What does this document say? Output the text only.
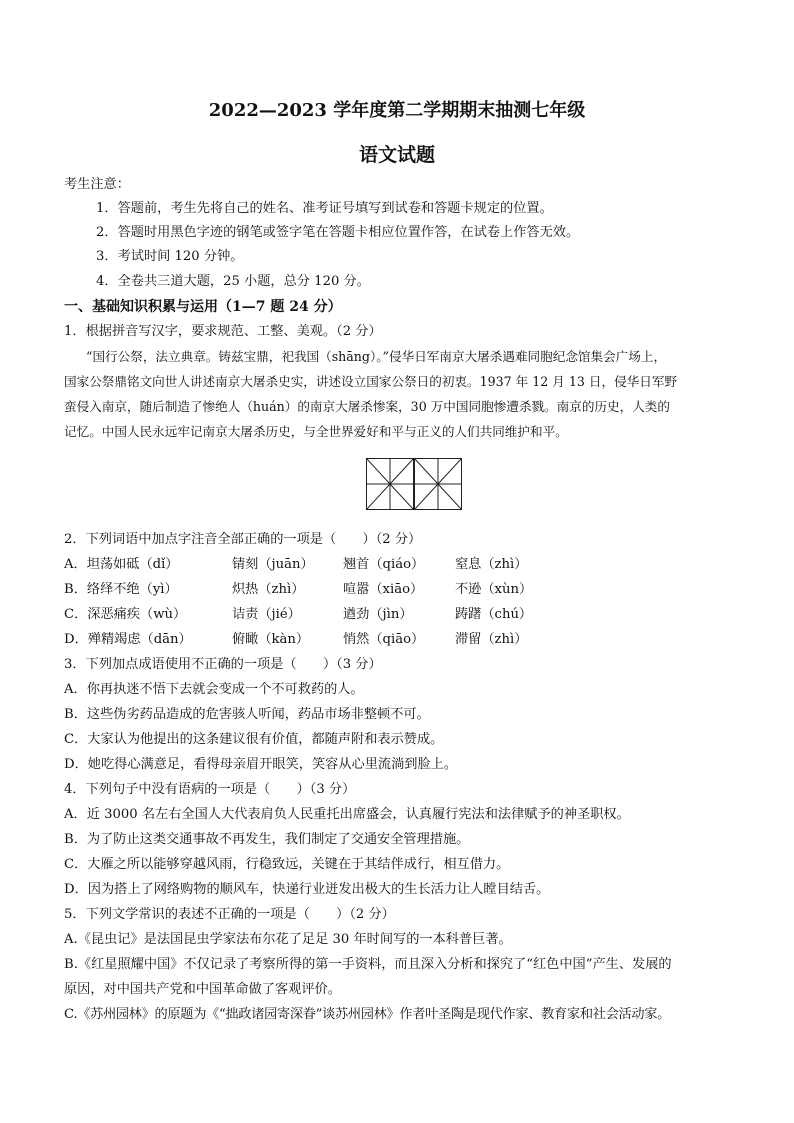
2022—2023 学年度第二学期期末抽测七年级
语文试题
考生注意：
1．答题前，考生先将自己的姓名、准考证号填写到试卷和答题卡规定的位置。
2．答题时用黑色字迹的钢笔或签字笔在答题卡相应位置作答，在试卷上作答无效。
3．考试时间 120 分钟。
4．全卷共三道大题，25 小题，总分 120 分。
一、基础知识积累与运用（1—7 题 24 分）
1．根据拼音写汉字，要求规范、工整、美观。（2 分）
“国行公祭，法立典章。铸兹宝鼎，祀我国（shāng）。”侵华日军南京大屠杀遇难同胞纪念馆集会广场上，
国家公祭鼎铭文向世人讲述南京大屠杀史实，讲述设立国家公祭日的初衷。1937 年 12 月 13 日，侵华日军野
蛮侵入南京，随后制造了惨绝人（huán）的南京大屠杀惨案，30 万中国同胞惨遭杀戮。南京的历史，人类的
记忆。中国人民永远牢记南京大屠杀历史，与全世界爱好和平与正义的人们共同维护和平。
2．下列词语中加点字注音全部正确的一项是（　　）（2 分）
A．坦荡如砥（dǐ）	锖刻（juān） 翘首（qiáo） 窒息（zhì）
B．络绎不绝（yì）	炽热（zhì）	喧嚣（xiāo） 不逊（xùn）
C．深恶痛疾（wù）	诘责（jié）	遒劲（jìn）	踌躇（chú）
D．殚精竭虑（dān）	俯瞰（kàn）	悄然（qiāo） 滞留（zhì）
3．下列加点成语使用不正确的一项是（　　）（3 分）
A．你再执迷不悟下去就会变成一个不可救药的人。
B．这些伪劣药品造成的危害骇人听闻，药品市场非整顿不可。
C．大家认为他提出的这条建议很有价值，都随声附和表示赞成。
D．她吃得心满意足，看得母亲眉开眼笑，笑容从心里流淌到脸上。
4．下列句子中没有语病的一项是（　　）（3 分）
A．近 3000 名左右全国人大代表肩负人民重托出席盛会，认真履行宪法和法律赋予的神圣职权。
B．为了防止这类交通事故不再发生，我们制定了交通安全管理措施。
C．大雁之所以能够穿越风雨，行稳致远，关键在于其结伴成行，相互借力。
D．因为搭上了网络购物的顺风车，快递行业迸发出极大的生长活力让人瞠目结舌。
5．下列文学常识的表述不正确的一项是（　　）（2 分）
A.《昆虫记》是法国昆虫学家法布尔花了足足 30 年时间写的一本科普巨著。
B.《红星照耀中国》不仅记录了考察所得的第一手资料，而且深入分析和探究了“红色中国”产生、发展的
原因，对中国共产党和中国革命做了客观评价。
C.《苏州园林》的原题为《“拙政诸园寄深眷”谈苏州园林》作者叶圣陶是现代作家、教育家和社会活动家。
